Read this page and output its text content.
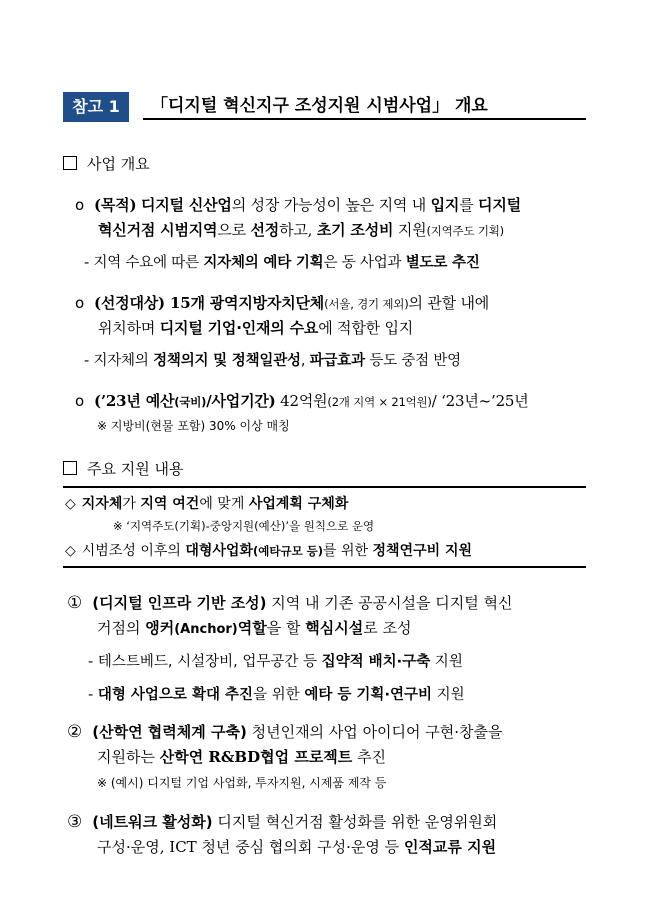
참고 1	「디지털 혁신지구 조성지원 시범사업」 개요
사업 개요
o (목적) 디지털 신산업의 성장 가능성이 높은 지역 내 입지를 디지털
혁신거점 시범지역으로 선정하고, 초기 조성비 지원(지역주도 기획)
- 지역 수요에 따른 지자체의 예타 기획은 동 사업과 별도로 추진
o (선정대상) 15개 광역지방자치단체(서울, 경기 제외)의 관할 내에
위치하며 디지털 기업·인재의 수요에 적합한 입지
- 지자체의 정책의지 및 정책일관성, 파급효과 등도 중점 반영
o (’23년 예산(국비)/사업기간) 42억원(2개 지역 × 21억원)/ ‘23년~’25년
※ 지방비(현물 포함) 30% 이상 매칭
주요 지원 내용
◇ 지자체가 지역 여건에 맞게 사업계획 구체화
※ ‘지역주도(기획)-중앙지원(예산)’을 원칙으로 운영
◇ 시범조성 이후의 대형사업화(예타규모 등)를 위한 정책연구비 지원
① (디지털 인프라 기반 조성) 지역 내 기존 공공시설을 디지털 혁신
거점의 앵커(Anchor)역할을 할 핵심시설로 조성
- 테스트베드, 시설장비, 업무공간 등 집약적 배치·구축 지원
- 대형 사업으로 확대 추진을 위한 예타 등 기획·연구비 지원
② (산학연 협력체계 구축) 청년인재의 사업 아이디어 구현·창출을
지원하는 산학연 R&BD협업 프로젝트 추진
※ (예시) 디지털 기업 사업화, 투자지원, 시제품 제작 등
③ (네트워크 활성화) 디지털 혁신거점 활성화를 위한 운영위원회
구성·운영, ICT 청년 중심 협의회 구성·운영 등 인적교류 지원
